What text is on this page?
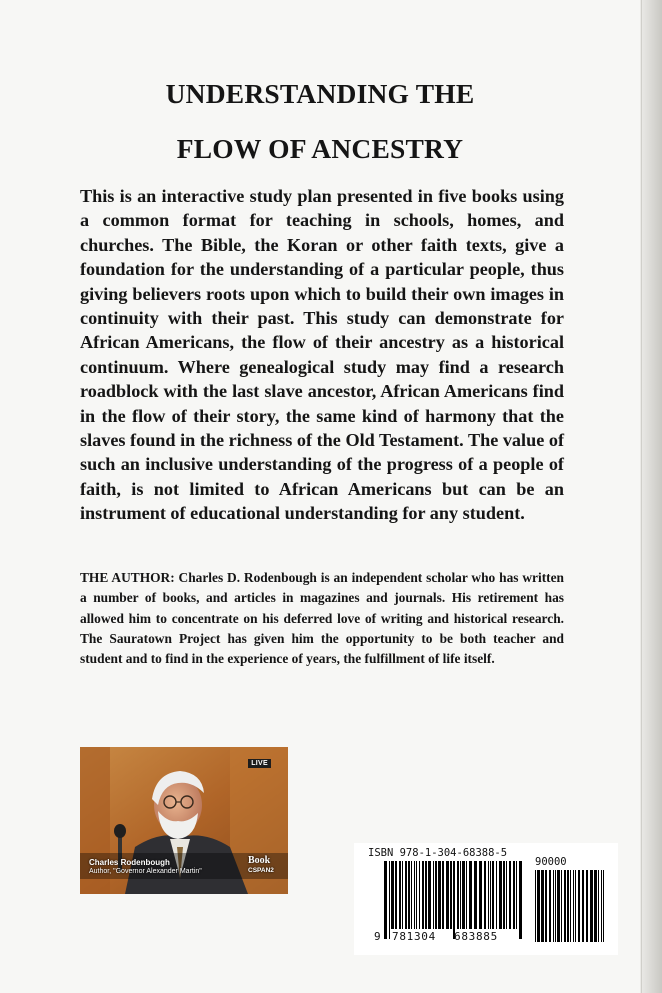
UNDERSTANDING THE
FLOW OF ANCESTRY

This is an interactive study plan presented in five books using a common format for teaching in schools, homes, and churches. The Bible, the Koran or other faith texts, give a foundation for the understanding of a particular people, thus giving believers roots upon which to build their own images in continuity with their past. This study can demonstrate for African Americans, the flow of their ancestry as a historical continuum. Where genealogical study may find a research roadblock with the last slave ancestor, African Americans find in the flow of their story, the same kind of harmony that the slaves found in the richness of the Old Testament. The value of such an inclusive understanding of the progress of a people of faith, is not limited to African Americans but can be an instrument of educational understanding for any student.

THE AUTHOR: Charles D. Rodenbough is an independent scholar who has written a number of books, and articles in magazines and journals. His retirement has allowed him to concentrate on his deferred love of writing and historical research. The Sauratown Project has given him the opportunity to be both teacher and student and to find in the experience of years, the fulfillment of life itself.

LIVE
Charles Rodenbough
Author, "Governor Alexander Martin"
Book
CSPAN2
ISBN 978-1-304-68388-5
90000
9 781304 683885
